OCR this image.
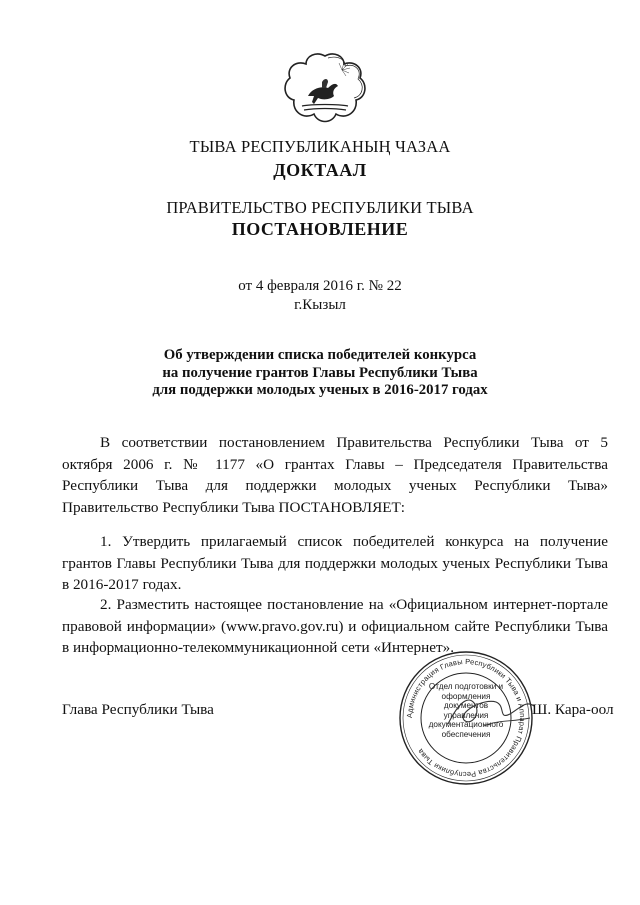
ТЫВА РЕСПУБЛИКАНЫҢ ЧАЗАА
ДОКТААЛ
ПРАВИТЕЛЬСТВО РЕСПУБЛИКИ ТЫВА
ПОСТАНОВЛЕНИЕ
от 4 февраля 2016 г. № 22
г.Кызыл
Об утверждении списка победителей конкурса
на получение грантов Главы Республики Тыва
для поддержки молодых ученых в 2016-2017 годах
В соответствии постановлением Правительства Республики Тыва от 5 октября 2006 г. № 1177 «О грантах Главы – Председателя Правительства Республики Тыва для поддержки молодых ученых Республики Тыва» Правительство Республики Тыва ПОСТАНОВЛЯЕТ:
1. Утвердить прилагаемый список победителей конкурса на получение грантов Главы Республики Тыва для поддержки молодых ученых Республики Тыва в 2016-2017 годах.
2. Разместить настоящее постановление на «Официальном интернет-портале правовой информации» (www.pravo.gov.ru) и официальном сайте Республики Тыва в информационно-телекоммуникационной сети «Интернет».
Администрация Главы Республики Тыва и Аппарат Правительства Республики Тыва
Отдел подготовки и оформления документов управления документационного обеспечения
Глава Республики Тыва	Ш. Кара-оол
